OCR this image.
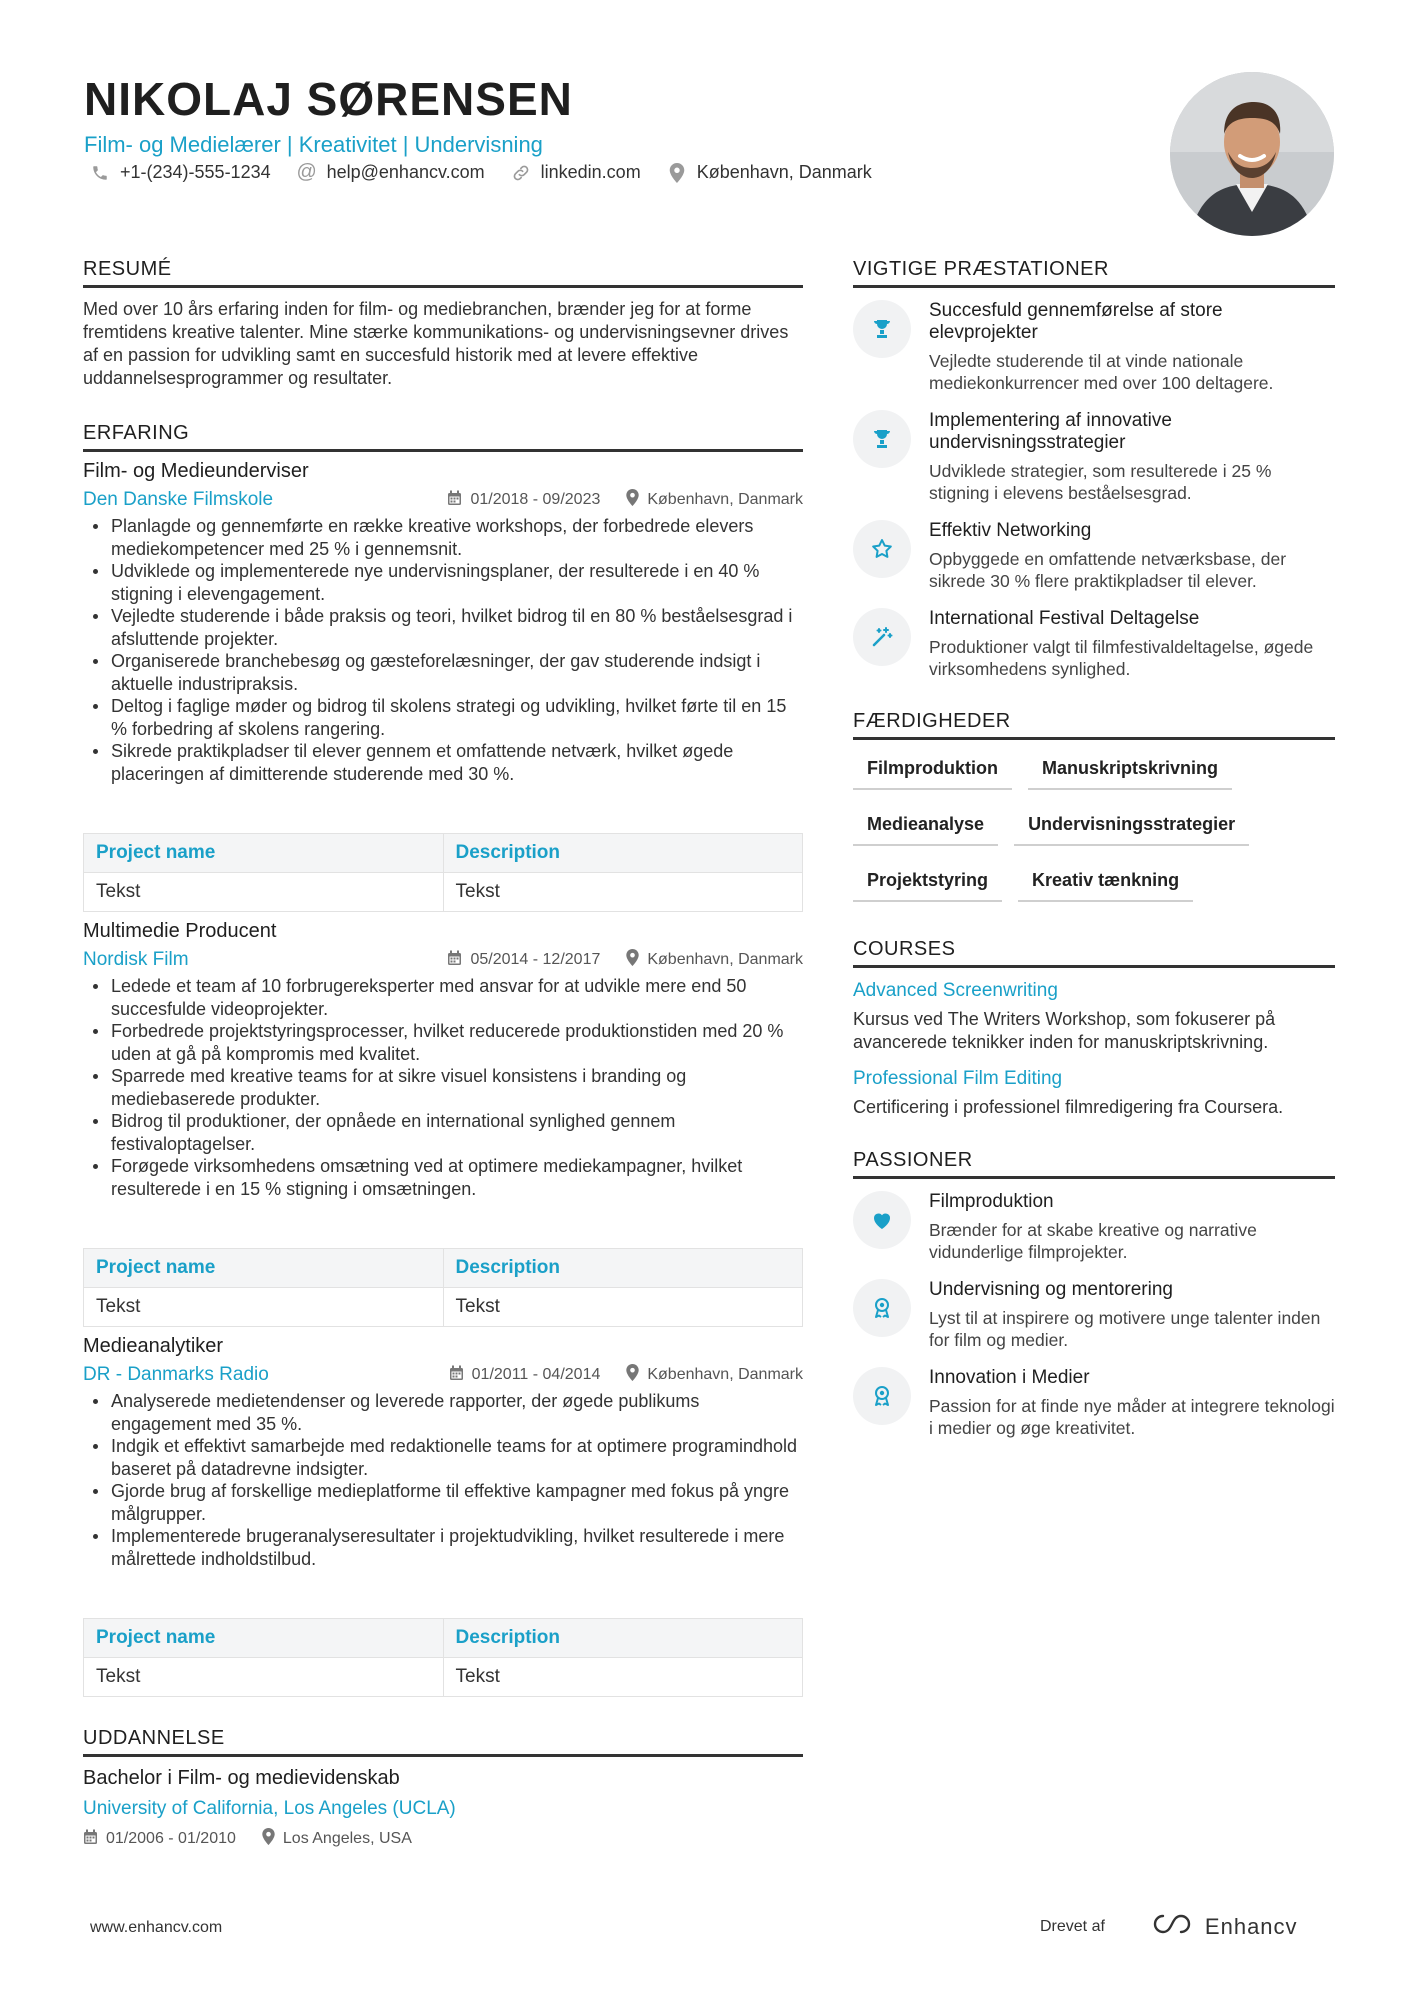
NIKOLAJ SØRENSEN
Film- og Medielærer | Kreativitet | Undervisning
+1-(234)-555-1234 @ help@enhancv.com	linkedin.com	København, Danmark
RESUMÉ

Med over 10 års erfaring inden for film- og mediebranchen, brænder jeg for at forme fremtidens kreative talenter. Mine stærke kommunikations- og undervisningsevner drives af en passion for udvikling samt en succesfuld historik med at levere effektive uddannelsesprogrammer og resultater.

ERFARING
Film- og Medieunderviser
Den Danske Filmskole	01/2018 - 09/2023	København, Danmark
Planlagde og gennemførte en række kreative workshops, der forbedrede elevers mediekompetencer med 25 % i gennemsnit.
Udviklede og implementerede nye undervisningsplaner, der resulterede i en 40 % stigning i elevengagement.
Vejledte studerende i både praksis og teori, hvilket bidrog til en 80 % beståelsesgrad i afsluttende projekter.
Organiserede branchebesøg og gæsteforelæsninger, der gav studerende indsigt i aktuelle industripraksis.
Deltog i faglige møder og bidrog til skolens strategi og udvikling, hvilket førte til en 15 % forbedring af skolens rangering.
Sikrede praktikpladser til elever gennem et omfattende netværk, hvilket øgede placeringen af dimitterende studerende med 30 %.
Project name	Description
Tekst	Tekst
Multimedie Producent
Nordisk Film	05/2014 - 12/2017	København, Danmark
Ledede et team af 10 forbrugereksperter med ansvar for at udvikle mere end 50 succesfulde videoprojekter.
Forbedrede projektstyringsprocesser, hvilket reducerede produktionstiden med 20 % uden at gå på kompromis med kvalitet.
Sparrede med kreative teams for at sikre visuel konsistens i branding og mediebaserede produkter.
Bidrog til produktioner, der opnåede en international synlighed gennem festivaloptagelser.
Forøgede virksomhedens omsætning ved at optimere mediekampagner, hvilket resulterede i en 15 % stigning i omsætningen.
Project name	Description
Tekst	Tekst
Medieanalytiker
DR - Danmarks Radio	01/2011 - 04/2014	København, Danmark
Analyserede medietendenser og leverede rapporter, der øgede publikums engagement med 35 %.
Indgik et effektivt samarbejde med redaktionelle teams for at optimere programindhold baseret på datadrevne indsigter.
Gjorde brug af forskellige medieplatforme til effektive kampagner med fokus på yngre målgrupper.
Implementerede brugeranalyseresultater i projektudvikling, hvilket resulterede i mere målrettede indholdstilbud.
Project name	Description
Tekst	Tekst
UDDANNELSE
Bachelor i Film- og medievidenskab
University of California, Los Angeles (UCLA)
01/2006 - 01/2010	Los Angeles, USA
VIGTIGE PRÆSTATIONER
Succesfuld gennemførelse af store elevprojekter
Vejledte studerende til at vinde nationale mediekonkurrencer med over 100 deltagere.
Implementering af innovative undervisningsstrategier
Udviklede strategier, som resulterede i 25 % stigning i elevens beståelsesgrad.
Effektiv Networking
Opbyggede en omfattende netværksbase, der sikrede 30 % flere praktikpladser til elever.
International Festival Deltagelse
Produktioner valgt til filmfestivaldeltagelse, øgede virksomhedens synlighed.
FÆRDIGHEDER
Filmproduktion	Manuskriptskrivning
Medieanalyse	Undervisningsstrategier
Projektstyring	Kreativ tænkning
COURSES
Advanced Screenwriting
Kursus ved The Writers Workshop, som fokuserer på avancerede teknikker inden for manuskriptskrivning.
Professional Film Editing
Certificering i professionel filmredigering fra Coursera.
PASSIONER
Filmproduktion
Brænder for at skabe kreative og narrative vidunderlige filmprojekter.
Undervisning og mentorering
Lyst til at inspirere og motivere unge talenter inden for film og medier.
Innovation i Medier
Passion for at finde nye måder at integrere teknologi i medier og øge kreativitet.
www.enhancv.com	Drevet af	Enhancv
